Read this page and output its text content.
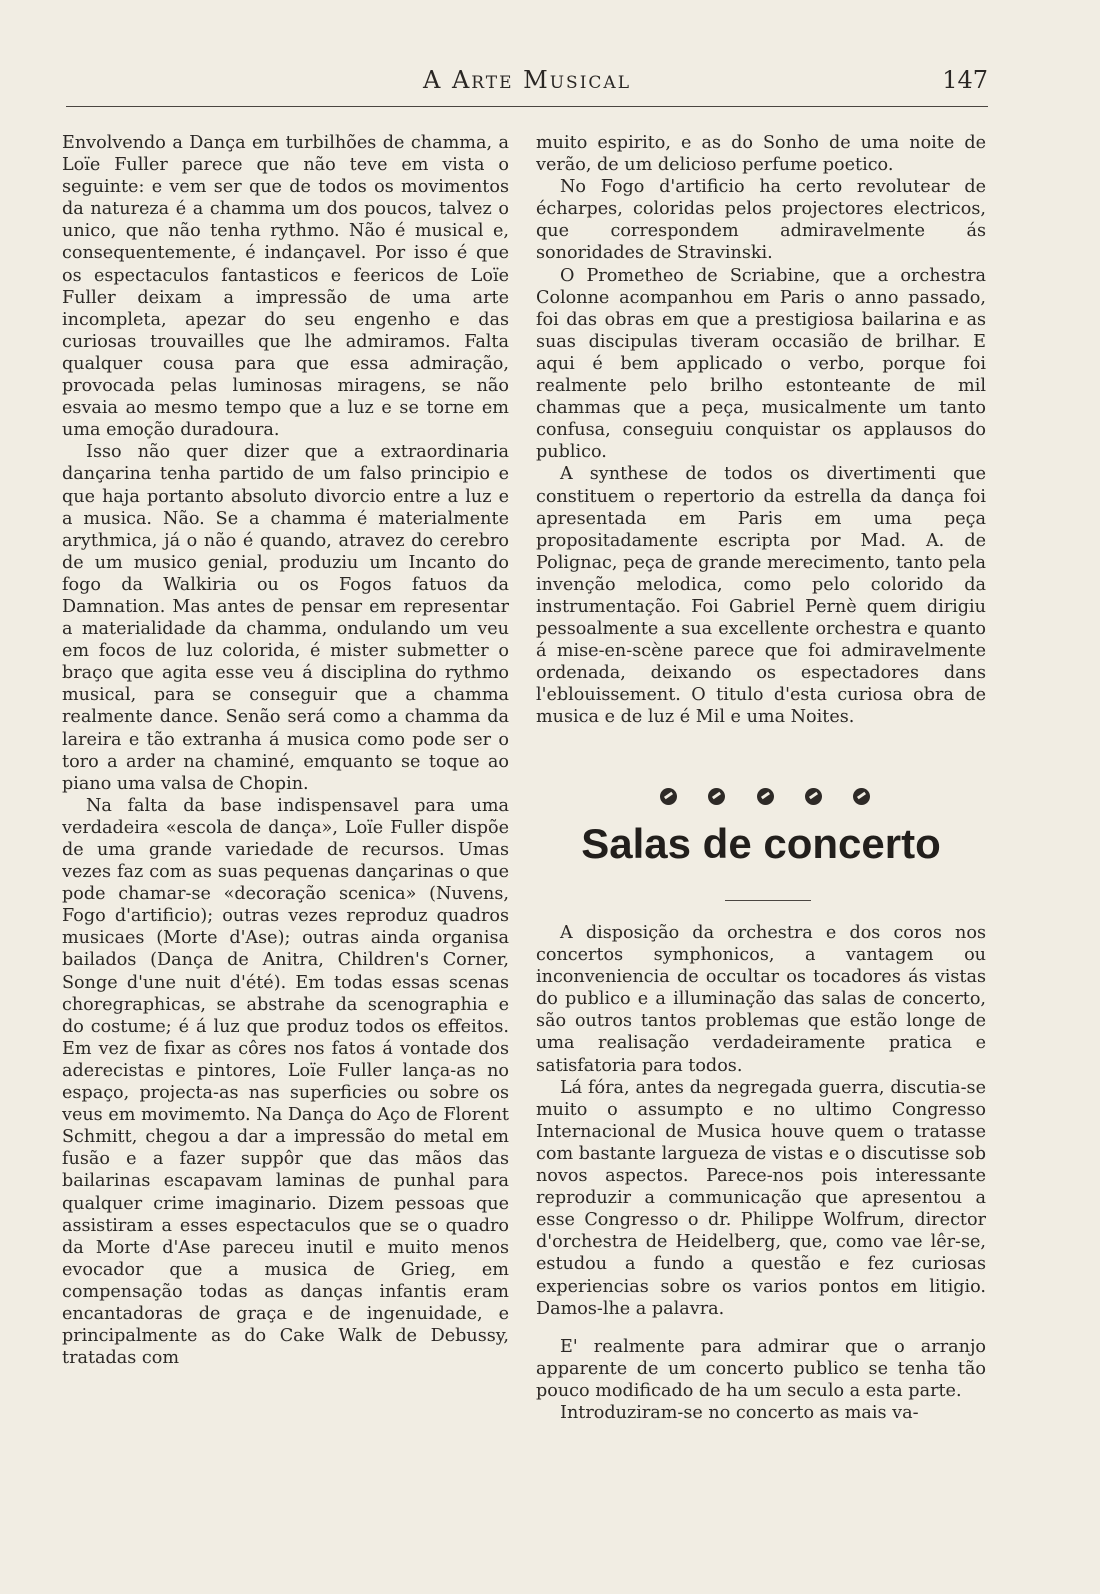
A Arte Musical	147

Envolvendo a Dança em turbilhões de chamma, a Loïe Fuller parece que não teve em vista o seguinte: e vem ser que de todos os movimentos da natureza é a chamma um dos poucos, talvez o unico, que não tenha rythmo. Não é musical e, consequentemente, é indançavel. Por isso é que os espectaculos fantasticos e feericos de Loïe Fuller deixam a impressão de uma arte incompleta, apezar do seu engenho e das curiosas trouvailles que lhe admiramos. Falta qualquer cousa para que essa admiração, provocada pelas luminosas miragens, se não esvaia ao mesmo tempo que a luz e se torne em uma emoção duradoura.

Isso não quer dizer que a extraordinaria dançarina tenha partido de um falso principio e que haja portanto absoluto divorcio entre a luz e a musica. Não. Se a chamma é materialmente arythmica, já o não é quando, atravez do cerebro de um musico genial, produziu um Incanto do fogo da Walkiria ou os Fogos fatuos da Damnation. Mas antes de pensar em representar a materialidade da chamma, ondulando um veu em focos de luz colorida, é mister submetter o braço que agita esse veu á disciplina do rythmo musical, para se conseguir que a chamma realmente dance. Senão será como a chamma da lareira e tão extranha á musica como pode ser o toro a arder na chaminé, emquanto se toque ao piano uma valsa de Chopin.

Na falta da base indispensavel para uma verdadeira «escola de dança», Loïe Fuller dispõe de uma grande variedade de recursos. Umas vezes faz com as suas pequenas dançarinas o que pode chamar-se «decoração scenica» (Nuvens, Fogo d'artificio); outras vezes reproduz quadros musicaes (Morte d'Ase); outras ainda organisa bailados (Dança de Anitra, Children's Corner, Songe d'une nuit d'été). Em todas essas scenas choregraphicas, se abstrahe da scenographia e do costume; é á luz que produz todos os effeitos. Em vez de fixar as côres nos fatos á vontade dos aderecistas e pintores, Loïe Fuller lança-as no espaço, projecta-as nas superficies ou sobre os veus em movimemto. Na Dança do Aço de Florent Schmitt, chegou a dar a impressão do metal em fusão e a fazer suppôr que das mãos das bailarinas escapavam laminas de punhal para qualquer crime imaginario. Dizem pessoas que assistiram a esses espectaculos que se o quadro da Morte d'Ase pareceu inutil e muito menos evocador que a musica de Grieg, em compensação todas as danças infantis eram encantadoras de graça e de ingenuidade, e principalmente as do Cake Walk de Debussy, tratadas com

muito espirito, e as do Sonho de uma noite de verão, de um delicioso perfume poetico.

No Fogo d'artificio ha certo revolutear de écharpes, coloridas pelos projectores electricos, que correspondem admiravelmente ás sonoridades de Stravinski.

O Prometheo de Scriabine, que a orchestra Colonne acompanhou em Paris o anno passado, foi das obras em que a prestigiosa bailarina e as suas discipulas tiveram occasião de brilhar. E aqui é bem applicado o verbo, porque foi realmente pelo brilho estonteante de mil chammas que a peça, musicalmente um tanto confusa, conseguiu conquistar os applausos do publico.

A synthese de todos os divertimenti que constituem o repertorio da estrella da dança foi apresentada em Paris em uma peça propositadamente escripta por Mad. A. de Polignac, peça de grande merecimento, tanto pela invenção melodica, como pelo colorido da instrumentação. Foi Gabriel Pernè quem dirigiu pessoalmente a sua excellente orchestra e quanto á mise-en-scène parece que foi admiravelmente ordenada, deixando os espectadores dans l'eblouissement. O titulo d'esta curiosa obra de musica e de luz é Mil e uma Noites.

Salas de concerto

A disposição da orchestra e dos coros nos concertos symphonicos, a vantagem ou inconveniencia de occultar os tocadores ás vistas do publico e a illuminação das salas de concerto, são outros tantos problemas que estão longe de uma realisação verdadeiramente pratica e satisfatoria para todos.

Lá fóra, antes da negregada guerra, discutia-se muito o assumpto e no ultimo Congresso Internacional de Musica houve quem o tratasse com bastante largueza de vistas e o discutisse sob novos aspectos. Parece-nos pois interessante reproduzir a communicação que apresentou a esse Congresso o dr. Philippe Wolfrum, director d'orchestra de Heidelberg, que, como vae lêr-se, estudou a fundo a questão e fez curiosas experiencias sobre os varios pontos em litigio. Damos-lhe a palavra.

E' realmente para admirar que o arranjo apparente de um concerto publico se tenha tão pouco modificado de ha um seculo a esta parte.

Introduziram-se no concerto as mais va-
